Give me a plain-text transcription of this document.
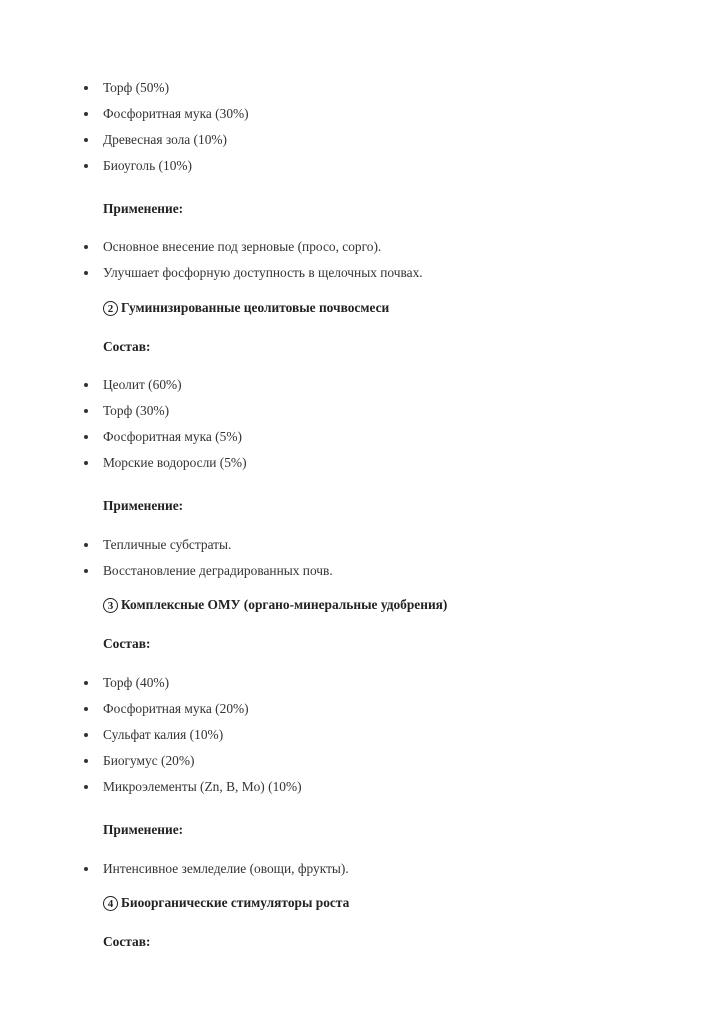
Торф (50%)
Фосфоритная мука (30%)
Древесная зола (10%)
Биоуголь (10%)
Применение:
Основное внесение под зерновые (просо, сорго).
Улучшает фосфорную доступность в щелочных почвах.
2 Гуминизированные цеолитовые почвосмеси
Состав:
Цеолит (60%)
Торф (30%)
Фосфоритная мука (5%)
Морские водоросли (5%)
Применение:
Тепличные субстраты.
Восстановление деградированных почв.
3 Комплексные ОМУ (органо-минеральные удобрения)
Состав:
Торф (40%)
Фосфоритная мука (20%)
Сульфат калия (10%)
Биогумус (20%)
Микроэлементы (Zn, B, Mo) (10%)
Применение:
Интенсивное земледелие (овощи, фрукты).
4 Биоорганические стимуляторы роста
Состав:
